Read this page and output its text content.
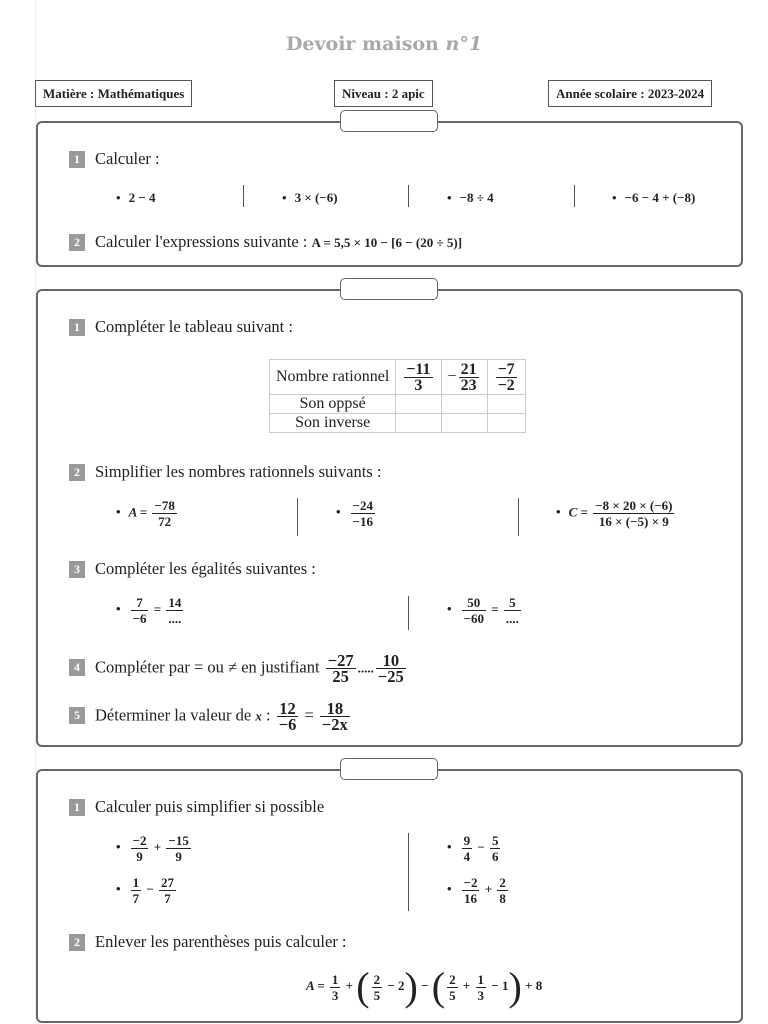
Devoir maison n°1
Matière : Mathématiques	Niveau : 2 apic	Année scolaire : 2023-2024
1 Calculer :
• 2 − 4	• 3 × (−6)	• −8 ÷ 4	• −6 − 4 + (−8)
2 Calculer l'expressions suivante : A = 5,5 × 10 − [6 − (20 ÷ 5)]
1 Compléter le tableau suivant :
Nombre rationnel	$\frac{-11}{3}$	− $\frac{21}{23}$	$\frac{-7}{-2}$

Son oppsé			
Son inverse			
2 Simplifier les nombres rationnels suivants :
• $A = \frac{-78}{72}$	• $\frac{-24}{-16}$	• $C = \frac{-8 \times 20 \times (-6)}{16 \times (-5) \times 9}$
3 Compléter les égalités suivantes :
• $\frac{7}{-6} = \frac{14}{....}$	• $\frac{50}{-60} = \frac{5}{....}$
4 Compléter par = ou ≠ en justifiant $\frac{-27}{25}$ ..... $\frac{10}{-25}$
5 Déterminer la valeur de x : $\frac{12}{-6} = \frac{18}{-2x}$
1 Calculer puis simplifier si possible
• $\frac{-2}{9} + \frac{-15}{9}$
• $\frac{1}{7} - \frac{27}{7}$
• $\frac{9}{4} - \frac{5}{6}$
• $\frac{-2}{16} + \frac{2}{8}$
2 Enlever les parenthèses puis calculer :
$A = \frac{1}{3}$ + ( $\frac{2}{5} - 2$) − ( $\frac{2}{5} + \frac{1}{3} - 1) + 8$
